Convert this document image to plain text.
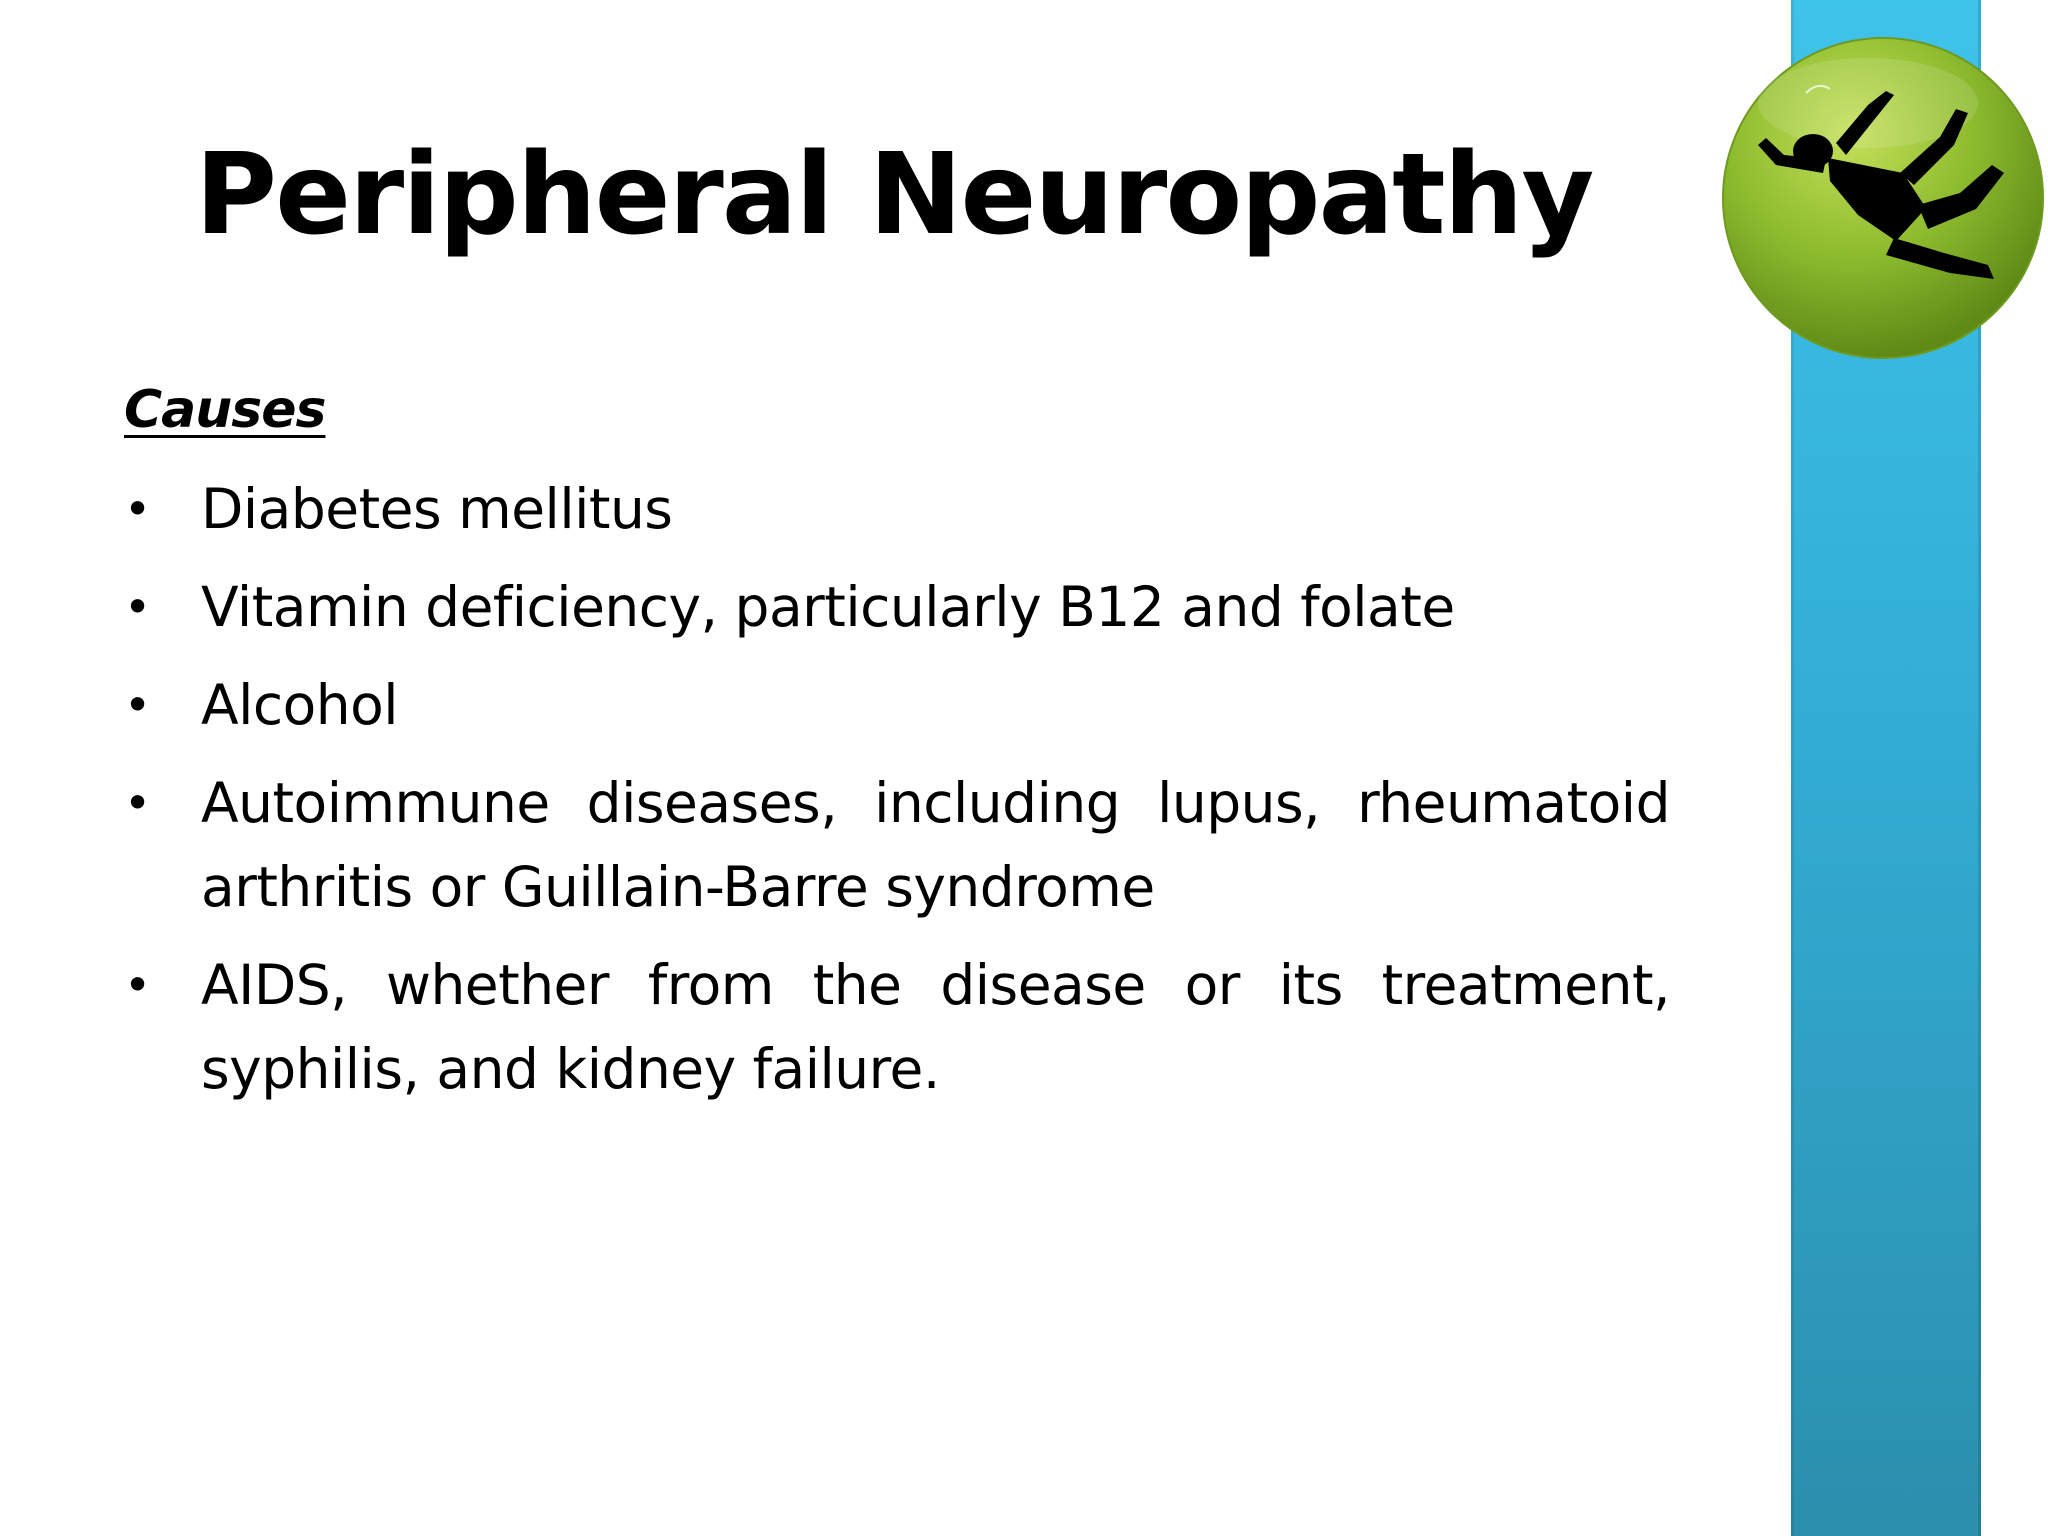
Peripheral Neuropathy
Causes
• Diabetes mellitus
• Vitamin deficiency, particularly B12 and folate
• Alcohol
• Autoimmune diseases, including lupus, rheumatoid arthritis or Guillain-Barre syndrome
• AIDS, whether from the disease or its treatment, syphilis, and kidney failure.
